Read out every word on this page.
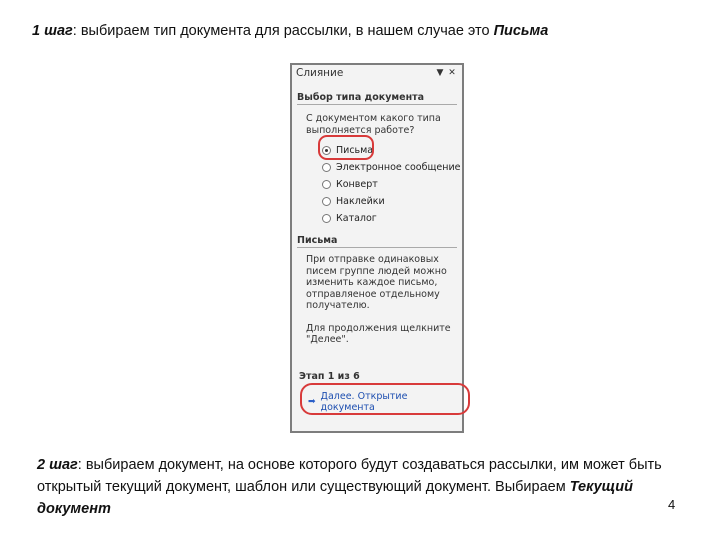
1 шаг: выбираем тип документа для рассылки, в нашем случае это Письма
Слияние	▼ ✕
Выбор типа документа
С документом какого типа выполняется работе?
Письма
Электронное сообщение
Конверт
Наклейки
Каталог
Письма
При отправке одинаковых писем группе людей можно изменить каждое письмо, отправляеное отдельному получателю.
Для продолжения щелкните "Делее".
Этап 1 из 6
➡ Далее. Открытие документа
2 шаг: выбираем документ, на основе которого будут создаваться рассылки, им может быть открытый текущий документ, шаблон или существующий документ. Выбираем Текущий документ	4
